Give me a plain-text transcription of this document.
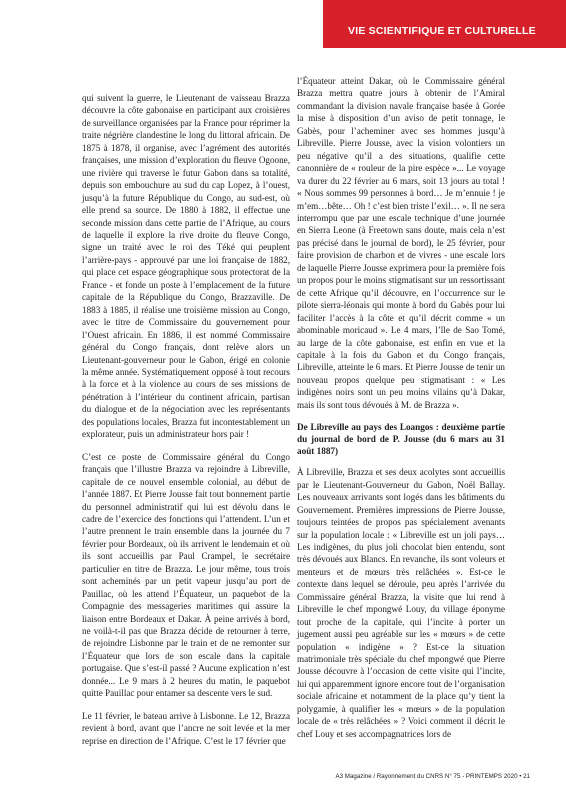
VIE SCIENTIFIQUE ET CULTURELLE

qui suivent la guerre, le Lieutenant de vaisseau Brazza découvre la côte gabonaise en participant aux croisières de surveillance organisées par la France pour réprimer la traite négrière clandestine le long du littoral africain. De 1875 à 1878, il organise, avec l’agrément des autorités françaises, une mission d’exploration du fleuve Ogoone, une rivière qui traverse le futur Gabon dans sa totalité, depuis son embouchure au sud du cap Lopez, à l’ouest, jusqu’à la future République du Congo, au sud-est, où elle prend sa source. De 1880 à 1882, il effectue une seconde mission dans cette partie de l’Afrique, au cours de laquelle il explore la rive droite du fleuve Congo, signe un traité avec le roi des Téké qui peuplent l’arrière-pays - approuvé par une loi française de 1882, qui place cet espace géographique sous protectorat de la France - et fonde un poste à l’emplacement de la future capitale de la République du Congo, Brazzaville. De 1883 à 1885, il réalise une troisième mission au Congo, avec le titre de Commissaire du gouvernement pour l’Ouest africain. En 1886, il est nommé Commissaire général du Congo français, dont relève alors un Lieutenant-gouverneur pour le Gabon, érigé en colonie la même année. Systématiquement opposé à tout recours à la force et à la violence au cours de ses missions de pénétration à l’intérieur du continent africain, partisan du dialogue et de la négociation avec les représentants des populations locales, Brazza fut incontestablement un explorateur, puis un administrateur hors pair !

C’est ce poste de Commissaire général du Congo français que l’illustre Brazza va rejoindre à Libreville, capitale de ce nouvel ensemble colonial, au début de l’année 1887. Et Pierre Jousse fait tout bonnement partie du personnel administratif qui lui est dévolu dans le cadre de l’exercice des fonctions qui l’attendent. L’un et l’autre prennent le train ensemble dans la journée du 7 février pour Bordeaux, où ils arrivent le lendemain et où ils sont accueillis par Paul Crampel, le secrétaire particulier en titre de Brazza. Le jour même, tous trois sont acheminés par un petit vapeur jusqu’au port de Pauillac, où les attend l’Équateur, un paquebot de la Compagnie des messageries maritimes qui assure la liaison entre Bordeaux et Dakar. À peine arrivés à bord, ne voilà-t-il pas que Brazza décide de retourner à terre, de rejoindre Lisbonne par le train et de ne remonter sur l’Équateur que lors de son escale dans la capitale portugaise. Que s’est-il passé ? Aucune explication n’est donnée... Le 9 mars à 2 heures du matin, le paquebot quitte Pauillac pour entamer sa descente vers le sud.

Le 11 février, le bateau arrive à Lisbonne. Le 12, Brazza revient à bord, avant que l’ancre ne soit levée et la mer reprise en direction de l’Afrique. C’est le 17 février que

l’Équateur atteint Dakar, où le Commissaire général Brazza mettra quatre jours à obtenir de l’Amiral commandant la division navale française basée à Gorée la mise à disposition d’un aviso de petit tonnage, le Gabès, pour l’acheminer avec ses hommes jusqu’à Libreville. Pierre Jousse, avec la vision volontiers un peu négative qu’il a des situations, qualifie cette canonnière de « rouleur de la pire espèce »... Le voyage va durer du 22 février au 6 mars, soit 13 jours au total ! « Nous sommes 99 personnes à bord… Je m’ennuie ! je m’em…bête… Oh ! c’est bien triste l’exil… ». Il ne sera interrompu que par une escale technique d’une journée en Sierra Leone (à Freetown sans doute, mais cela n’est pas précisé dans le journal de bord), le 25 février, pour faire provision de charbon et de vivres - une escale lors de laquelle Pierre Jousse exprimera pour la première fois un propos pour le moins stigmatisant sur un ressortissant de cette Afrique qu’il découvre, en l’occurrence sur le pilote sierra-léonais qui monte à bord du Gabès pour lui faciliter l’accès à la côte et qu’il décrit comme « un abominable moricaud ». Le 4 mars, l’île de Sao Tomé, au large de la côte gabonaise, est enfin en vue et la capitale à la fois du Gabon et du Congo français, Libreville, atteinte le 6 mars. Et Pierre Jousse de tenir un nouveau propos quelque peu stigmatisant : « Les indigènes noirs sont un peu moins vilains qu’à Dakar, mais ils sont tous dévoués à M. de Brazza ».

De Libreville au pays des Loangos : deuxième partie du journal de bord de P. Jousse (du 6 mars au 31 août 1887)

À Libreville, Brazza et ses deux acolytes sont accueillis par le Lieutenant-Gouverneur du Gabon, Noël Ballay. Les nouveaux arrivants sont logés dans les bâtiments du Gouvernement. Premières impressions de Pierre Jousse, toujours teintées de propos pas spécialement avenants sur la population locale : « Libreville est un joli pays… Les indigènes, du plus joli chocolat bien entendu, sont très dévoués aux Blancs. En revanche, ils sont voleurs et menteurs et de mœurs très relâchées ». Est-ce le contexte dans lequel se déroule, peu après l’arrivée du Commissaire général Brazza, la visite que lui rend à Libreville le chef mpongwé Louy, du village éponyme tout proche de la capitale, qui l’incite à porter un jugement aussi peu agréable sur les « mœurs » de cette population « indigène » ? Est-ce la situation matrimoniale très spéciale du chef mpongwé que Pierre Jousse découvre à l’occasion de cette visite qui l’incite, lui qui apparemment ignore encore tout de l’organisation sociale africaine et notamment de la place qu’y tient la polygamie, à qualifier les « mœurs » de la population locale de « très relâchées » ? Voici comment il décrit le chef Louy et ses accompagnatrices lors de

A3 Magazine / Rayonnement du CNRS N° 75 - PRINTEMPS 2020 • 21
